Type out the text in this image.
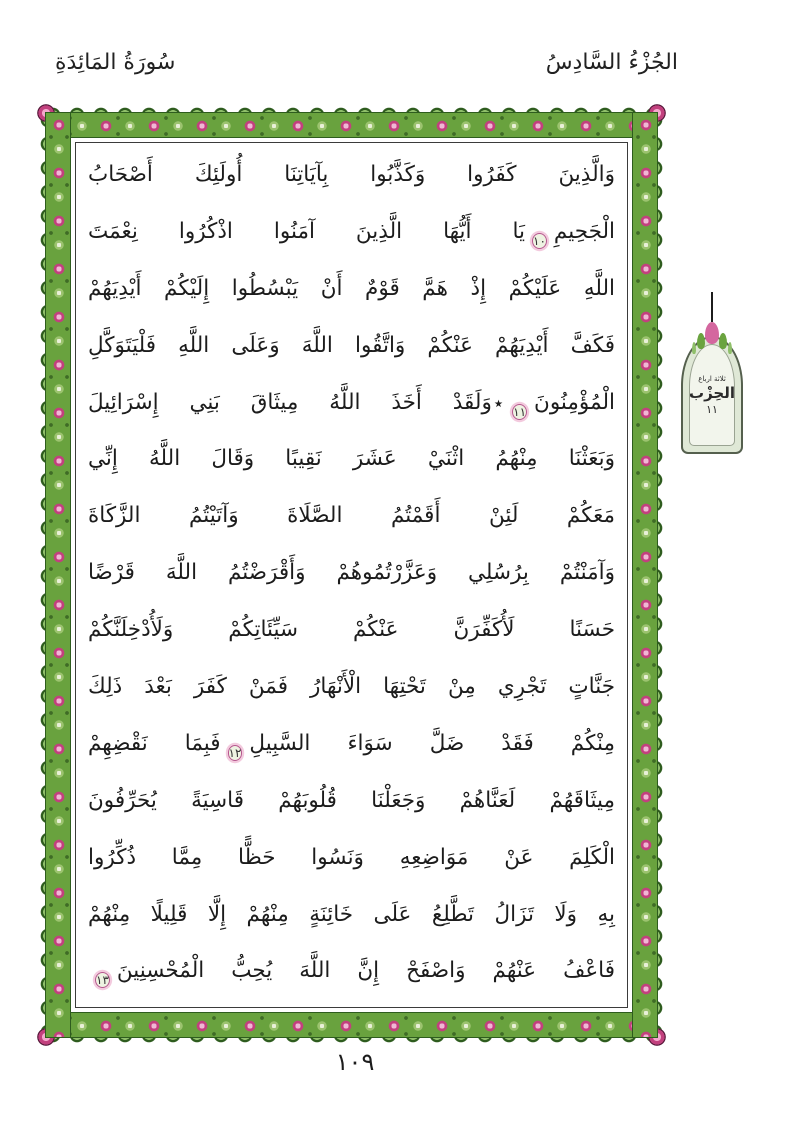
الجُزْءُ السَّادِسُ
سُورَةُ المَائِدَةِ
وَالَّذِينَ كَفَرُوا وَكَذَّبُوا بِآيَاتِنَا أُولَئِكَ أَصْحَابُ
$الْجَحِيمِ_{١٠}يَا$ أَيُّهَا الَّذِينَ آمَنُوا اذْكُرُوا نِعْمَتَ
اللَّهِ عَلَيْكُمْ إِذْ هَمَّ قَوْمٌ أَنْ يَبْسُطُوا إِلَيْكُمْ أَيْدِيَهُمْ
فَكَفَّ أَيْدِيَهُمْ عَنْكُمْ وَاتَّقُوا اللَّهَ وَعَلَى اللَّهِ فَلْيَتَوَكَّلِ
$الْمُؤْمِنُونَ_{١١}٭وَلَقَدْ$ أَخَذَ اللَّهُ مِيثَاقَ بَنِي إِسْرَائِيلَ
وَبَعَثْنَا مِنْهُمُ اثْنَيْ عَشَرَ نَقِيبًا وَقَالَ اللَّهُ إِنِّي
مَعَكُمْ لَئِنْ أَقَمْتُمُ الصَّلَاةَ وَآتَيْتُمُ الزَّكَاةَ
وَآمَنْتُمْ بِرُسُلِي وَعَزَّرْتُمُوهُمْ وَأَقْرَضْتُمُ اللَّهَ قَرْضًا
حَسَنًا لَأُكَفِّرَنَّ عَنْكُمْ سَيِّئَاتِكُمْ وَلَأُدْخِلَنَّكُمْ
جَنَّاتٍ تَجْرِي مِنْ تَحْتِهَا الْأَنْهَارُ فَمَنْ كَفَرَ بَعْدَ ذَلِكَ
مِنْكُمْ فَقَدْ ضَلَّ سَوَاءَ $السَّبِيلِ_{١٢}فَبِمَا$ نَقْضِهِمْ
مِيثَاقَهُمْ لَعَنَّاهُمْ وَجَعَلْنَا قُلُوبَهُمْ قَاسِيَةً يُحَرِّفُونَ
الْكَلِمَ عَنْ مَوَاضِعِهِ وَنَسُوا حَظًّا مِمَّا ذُكِّرُوا
بِهِ وَلَا تَزَالُ تَطَّلِعُ عَلَى خَائِنَةٍ مِنْهُمْ إِلَّا قَلِيلًا مِنْهُمْ
فَاعْفُ عَنْهُمْ وَاصْفَحْ إِنَّ اللَّهَ يُحِبُّ $الْمُحْسِنِينَ_{١٣}$
ثلاثة ارباع
الحِزْب
١١
١٠٩
